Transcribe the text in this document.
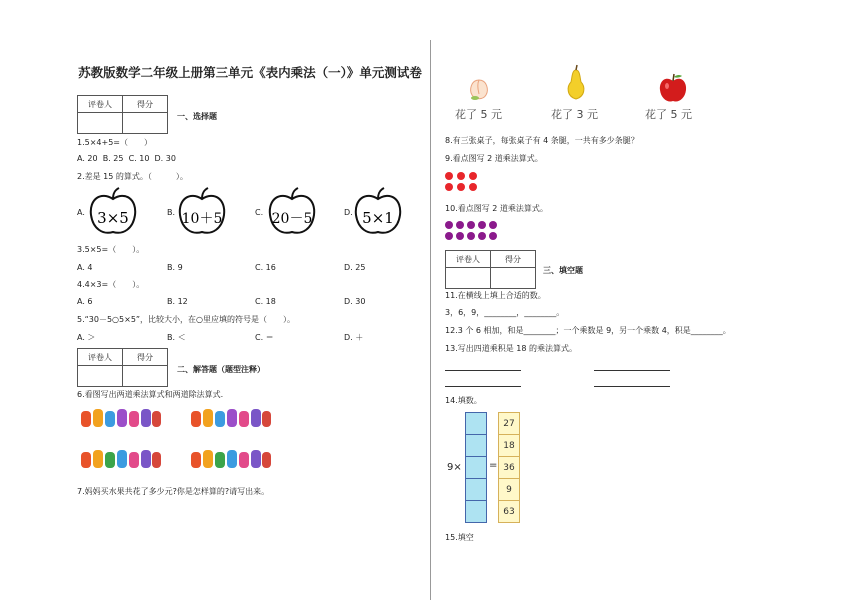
苏教版数学二年级上册第三单元《表内乘法（一）》单元测试卷
评卷人	得分

一、选择题
1.5×4+5=（　　）
A. 20 B. 25 C. 10 D. 30
2.差是 15 的算式。（　　　）。
A.	B.	C.	D.
3×5	10＋5	20－5	5×1
3.5×5=（　　）。
A. 4	B. 9	C. 16	D. 25
4.4×3=（　　）。
A. 6	B. 12	C. 18	D. 30
5.“30－5○5×5”，比较大小，在○里应填的符号是（　　）。
A. ＞	B. ＜	C. ＝	D. ＋
评卷人	得分

二、解答题（题型注释）
6.看图写出两道乘法算式和两道除法算式.
7.妈妈买水果共花了多少元?你是怎样算的?请写出来。
花了 5 元	花了 3 元	花了 5 元
8.有三张桌子，每张桌子有 4 条腿，一共有多少条腿？
9.看点图写 2 道乘法算式。
10.看点图写 2 道乘法算式。
评卷人	得分

三、填空题
11.在横线上填上合适的数。
3，6，9，________，________。
12.3 个 6 相加，和是________；一个乘数是 9，另一个乘数 4，积是________。
13.写出四道乘积是 18 的乘法算式。
14.填数。
9×	=
27
18
36
9
63
15.填空
